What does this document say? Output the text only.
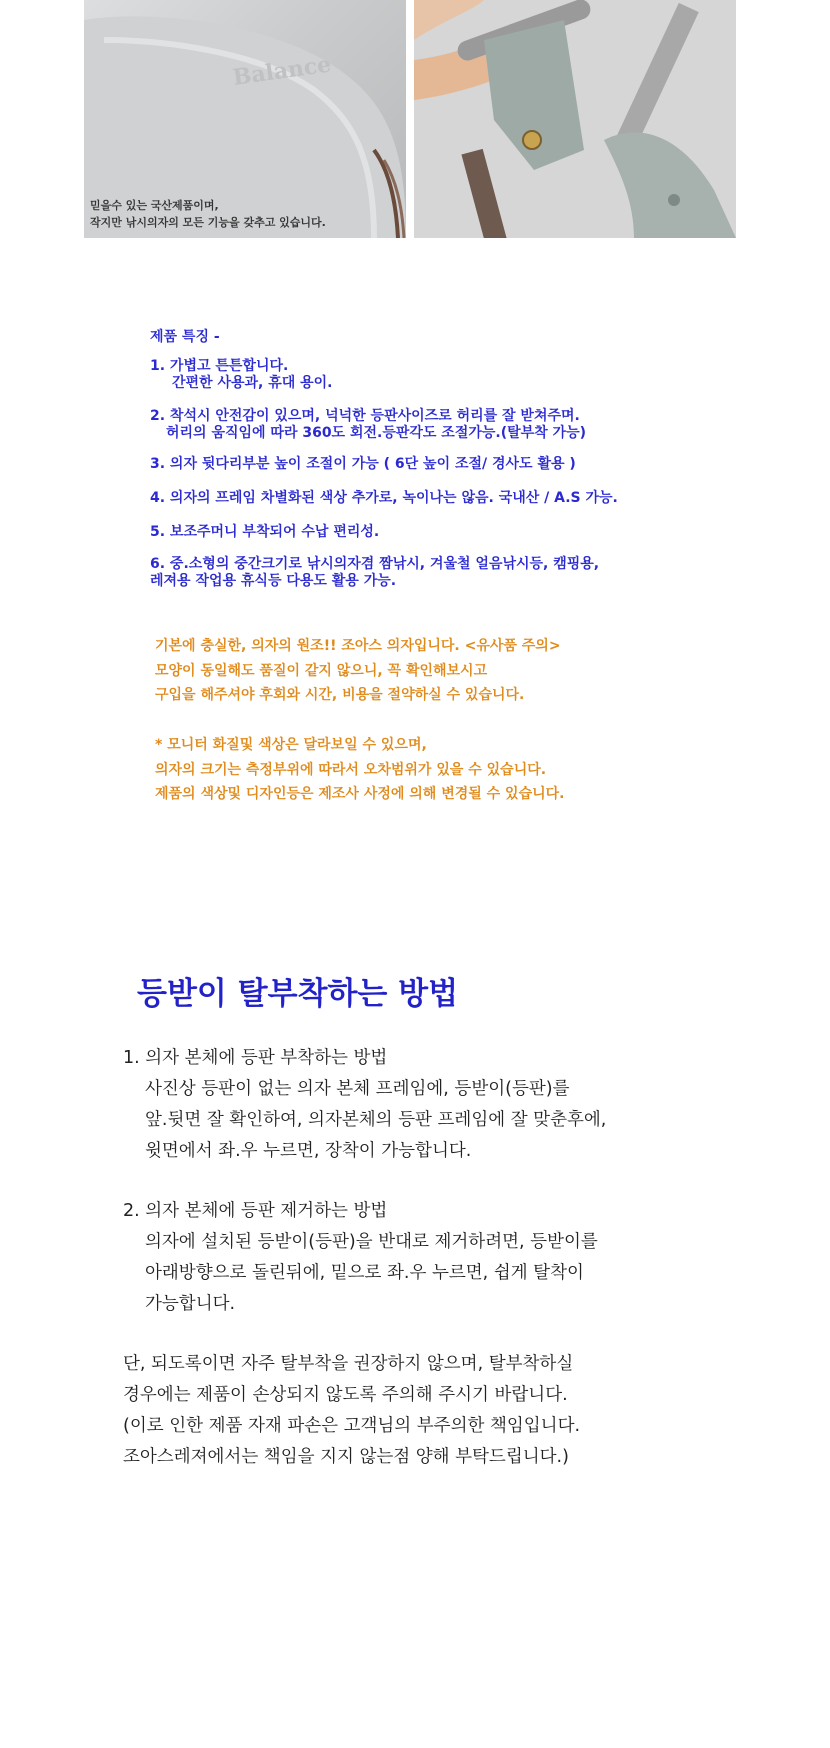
Balance
믿을수 있는 국산제품이며,
작지만 낚시의자의 모든 기능을 갖추고 있습니다.

제품 특징 -

1. 가볍고 튼튼합니다.
간편한 사용과, 휴대 용이.

2. 착석시 안전감이 있으며, 넉넉한 등판사이즈로 허리를 잘 받쳐주며.
허리의 움직임에 따라 360도 회전.등판각도 조절가능.(탈부착 가능)

3. 의자 뒷다리부분 높이 조절이 가능 ( 6단 높이 조절/ 경사도 활용 )

4. 의자의 프레임 차별화된 색상 추가로, 녹이나는 않음. 국내산 / A.S 가능.

5. 보조주머니 부착되어 수납 편리성.

6. 중.소형의 중간크기로 낚시의자겸 짬낚시, 겨울철 얼음낚시등, 캠핑용,
레져용 작업용 휴식등 다용도 활용 가능.

기본에 충실한, 의자의 원조!! 조아스 의자입니다. <유사품 주의>
모양이 동일해도 품질이 같지 않으니, 꼭 확인해보시고
구입을 해주셔야 후회와 시간, 비용을 절약하실 수 있습니다.

* 모니터 화질및 색상은 달라보일 수 있으며,
의자의 크기는 측정부위에 따라서 오차범위가 있을 수 있습니다.
제품의 색상및 디자인등은 제조사 사정에 의해 변경될 수 있습니다.

등받이 탈부착하는 방법
1. 의자 본체에 등판 부착하는 방법
사진상 등판이 없는 의자 본체 프레임에, 등받이(등판)를
앞.뒷면 잘 확인하여, 의자본체의 등판 프레임에 잘 맞춘후에,
윗면에서 좌.우 누르면, 장착이 가능합니다.
2. 의자 본체에 등판 제거하는 방법
의자에 설치된 등받이(등판)을 반대로 제거하려면, 등받이를
아래방향으로 돌린뒤에, 밑으로 좌.우 누르면, 쉽게 탈착이
가능합니다.
단, 되도록이면 자주 탈부착을 권장하지 않으며, 탈부착하실
경우에는 제품이 손상되지 않도록 주의해 주시기 바랍니다.
(이로 인한 제품 자재 파손은 고객님의 부주의한 책임입니다.
조아스레져에서는 책임을 지지 않는점 양해 부탁드립니다.)
